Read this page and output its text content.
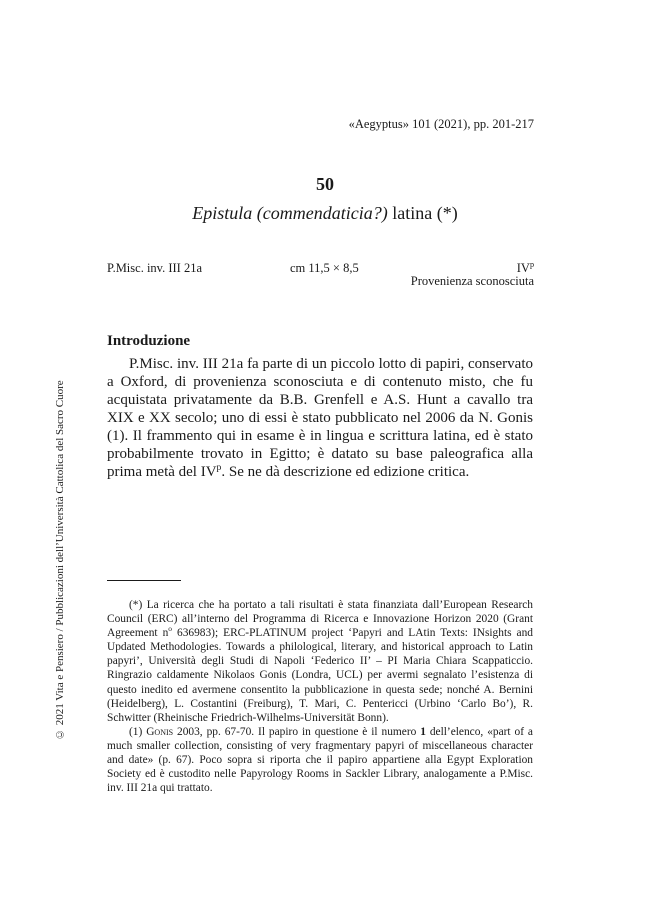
«Aegyptus» 101 (2021), pp. 201-217
50
Epistula (commendaticia?) latina (*)
P.Misc. inv. III 21a	cm 11,5 × 8,5	$IV^p$
Provenienza sconosciuta
Introduzione

P.Misc. inv. III 21a fa parte di un piccolo lotto di papiri, conservato a Oxford, di provenienza sconosciuta e di contenuto misto, che fu acquistata privatamente da B.B. Grenfell e A.S. Hunt a cavallo tra XIX e XX secolo; uno di essi è stato pubblicato nel 2006 da N. Gonis (1). Il frammento qui in esame è in lingua e scrittura latina, ed è stato probabilmente trovato in Egitto; è datato su base paleografica alla prima metà del $IV^p$. Se ne dà descrizione ed edizione critica.

(*) La ricerca che ha portato a tali risultati è stata finanziata dall’European Research Council (ERC) all’interno del Programma di Ricerca e Innovazione Horizon 2020 (Grant Agreement $n^o$ 636983); ERC-PLATINUM project ‘Papyri and LAtin Texts: INsights and Updated Methodologies. Towards a philological, literary, and historical approach to Latin papyri’, Università degli Studi di Napoli ‘Federico II’ – PI Maria Chiara Scappaticcio. Ringrazio caldamente Nikolaos Gonis (Londra, UCL) per avermi segnalato l’esistenza di questo inedito ed avermene consentito la pubblicazione in questa sede; nonché A. Bernini (Heidelberg), L. Costantini (Freiburg), T. Mari, C. Pentericci (Urbino ‘Carlo Bo’), R. Schwitter (Rheinische Friedrich-Wilhelms-Universität Bonn).

(1) Gonis 2003, pp. 67-70. Il papiro in questione è il numero 1 dell’elenco, «part of a much smaller collection, consisting of very fragmentary papyri of miscellaneous character and date» (p. 67). Poco sopra si riporta che il papiro appartiene alla Egypt Exploration Society ed è custodito nelle Papyrology Rooms in Sackler Library, analogamente a P.Misc. inv. III 21a qui trattato.

© 2021 Vita e Pensiero / Pubblicazioni dell’Università Cattolica del Sacro Cuore
